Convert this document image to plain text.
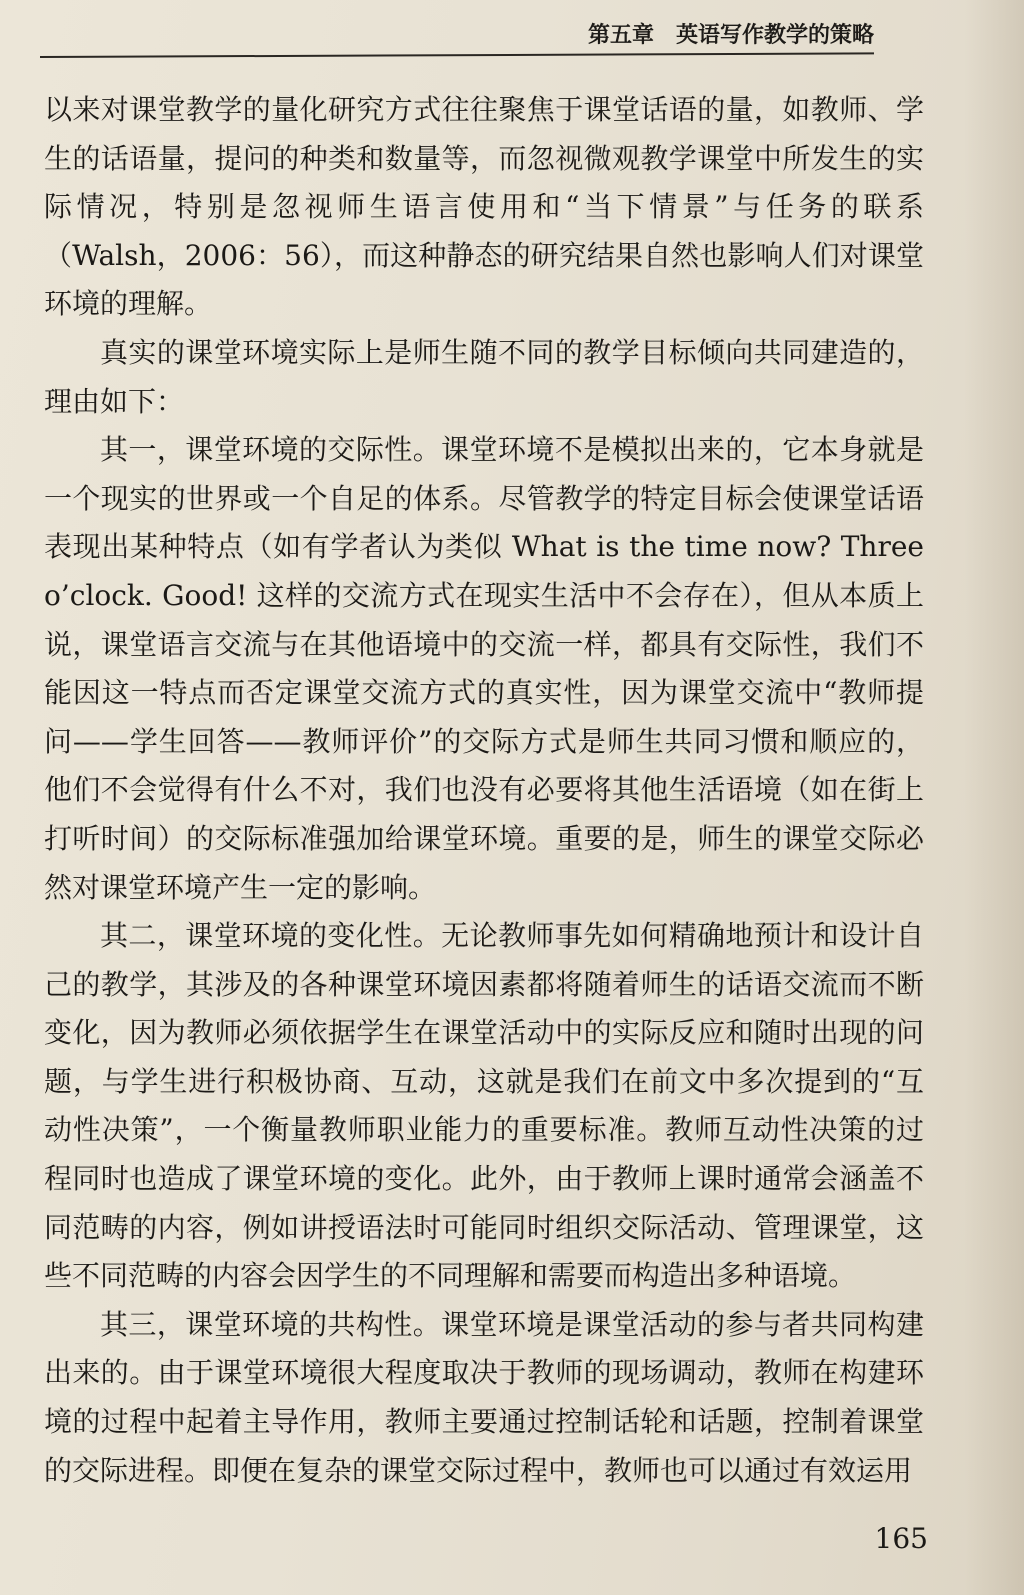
第五章 英语写作教学的策略

以来对课堂教学的量化研究方式往往聚焦于课堂话语的量，如教师、学生的话语量，提问的种类和数量等，而忽视微观教学课堂中所发生的实际情况，特别是忽视师生语言使用和“当下情景”与任务的联系（Walsh，2006：56），而这种静态的研究结果自然也影响人们对课堂环境的理解。

真实的课堂环境实际上是师生随不同的教学目标倾向共同建造的，理由如下：

其一，课堂环境的交际性。课堂环境不是模拟出来的，它本身就是一个现实的世界或一个自足的体系。尽管教学的特定目标会使课堂话语表现出某种特点（如有学者认为类似 What is the time now? Three o’clock. Good! 这样的交流方式在现实生活中不会存在），但从本质上说，课堂语言交流与在其他语境中的交流一样，都具有交际性，我们不能因这一特点而否定课堂交流方式的真实性，因为课堂交流中“教师提问——学生回答——教师评价”的交际方式是师生共同习惯和顺应的，他们不会觉得有什么不对，我们也没有必要将其他生活语境（如在街上打听时间）的交际标准强加给课堂环境。重要的是，师生的课堂交际必然对课堂环境产生一定的影响。

其二，课堂环境的变化性。无论教师事先如何精确地预计和设计自己的教学，其涉及的各种课堂环境因素都将随着师生的话语交流而不断变化，因为教师必须依据学生在课堂活动中的实际反应和随时出现的问题，与学生进行积极协商、互动，这就是我们在前文中多次提到的“互动性决策”，一个衡量教师职业能力的重要标准。教师互动性决策的过程同时也造成了课堂环境的变化。此外，由于教师上课时通常会涵盖不同范畴的内容，例如讲授语法时可能同时组织交际活动、管理课堂，这些不同范畴的内容会因学生的不同理解和需要而构造出多种语境。

其三，课堂环境的共构性。课堂环境是课堂活动的参与者共同构建出来的。由于课堂环境很大程度取决于教师的现场调动，教师在构建环境的过程中起着主导作用，教师主要通过控制话轮和话题，控制着课堂的交际进程。即便在复杂的课堂交际过程中，教师也可以通过有效运用

165
